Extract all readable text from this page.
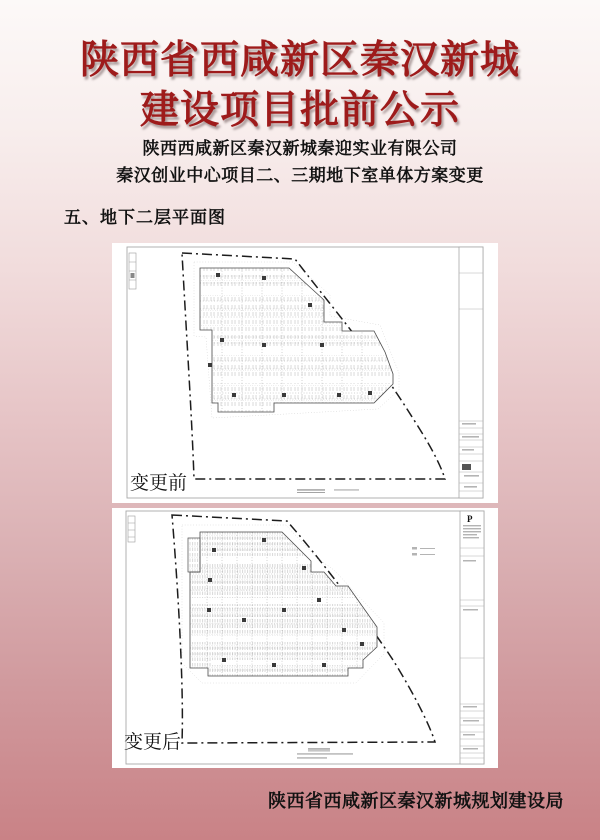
陕西省西咸新区秦汉新城
建设项目批前公示

陕西西咸新区秦汉新城秦迎实业有限公司

秦汉创业中心项目二、三期地下室单体方案变更

五、地下二层平面图
变更前
P
变更后
陕西省西咸新区秦汉新城规划建设局
